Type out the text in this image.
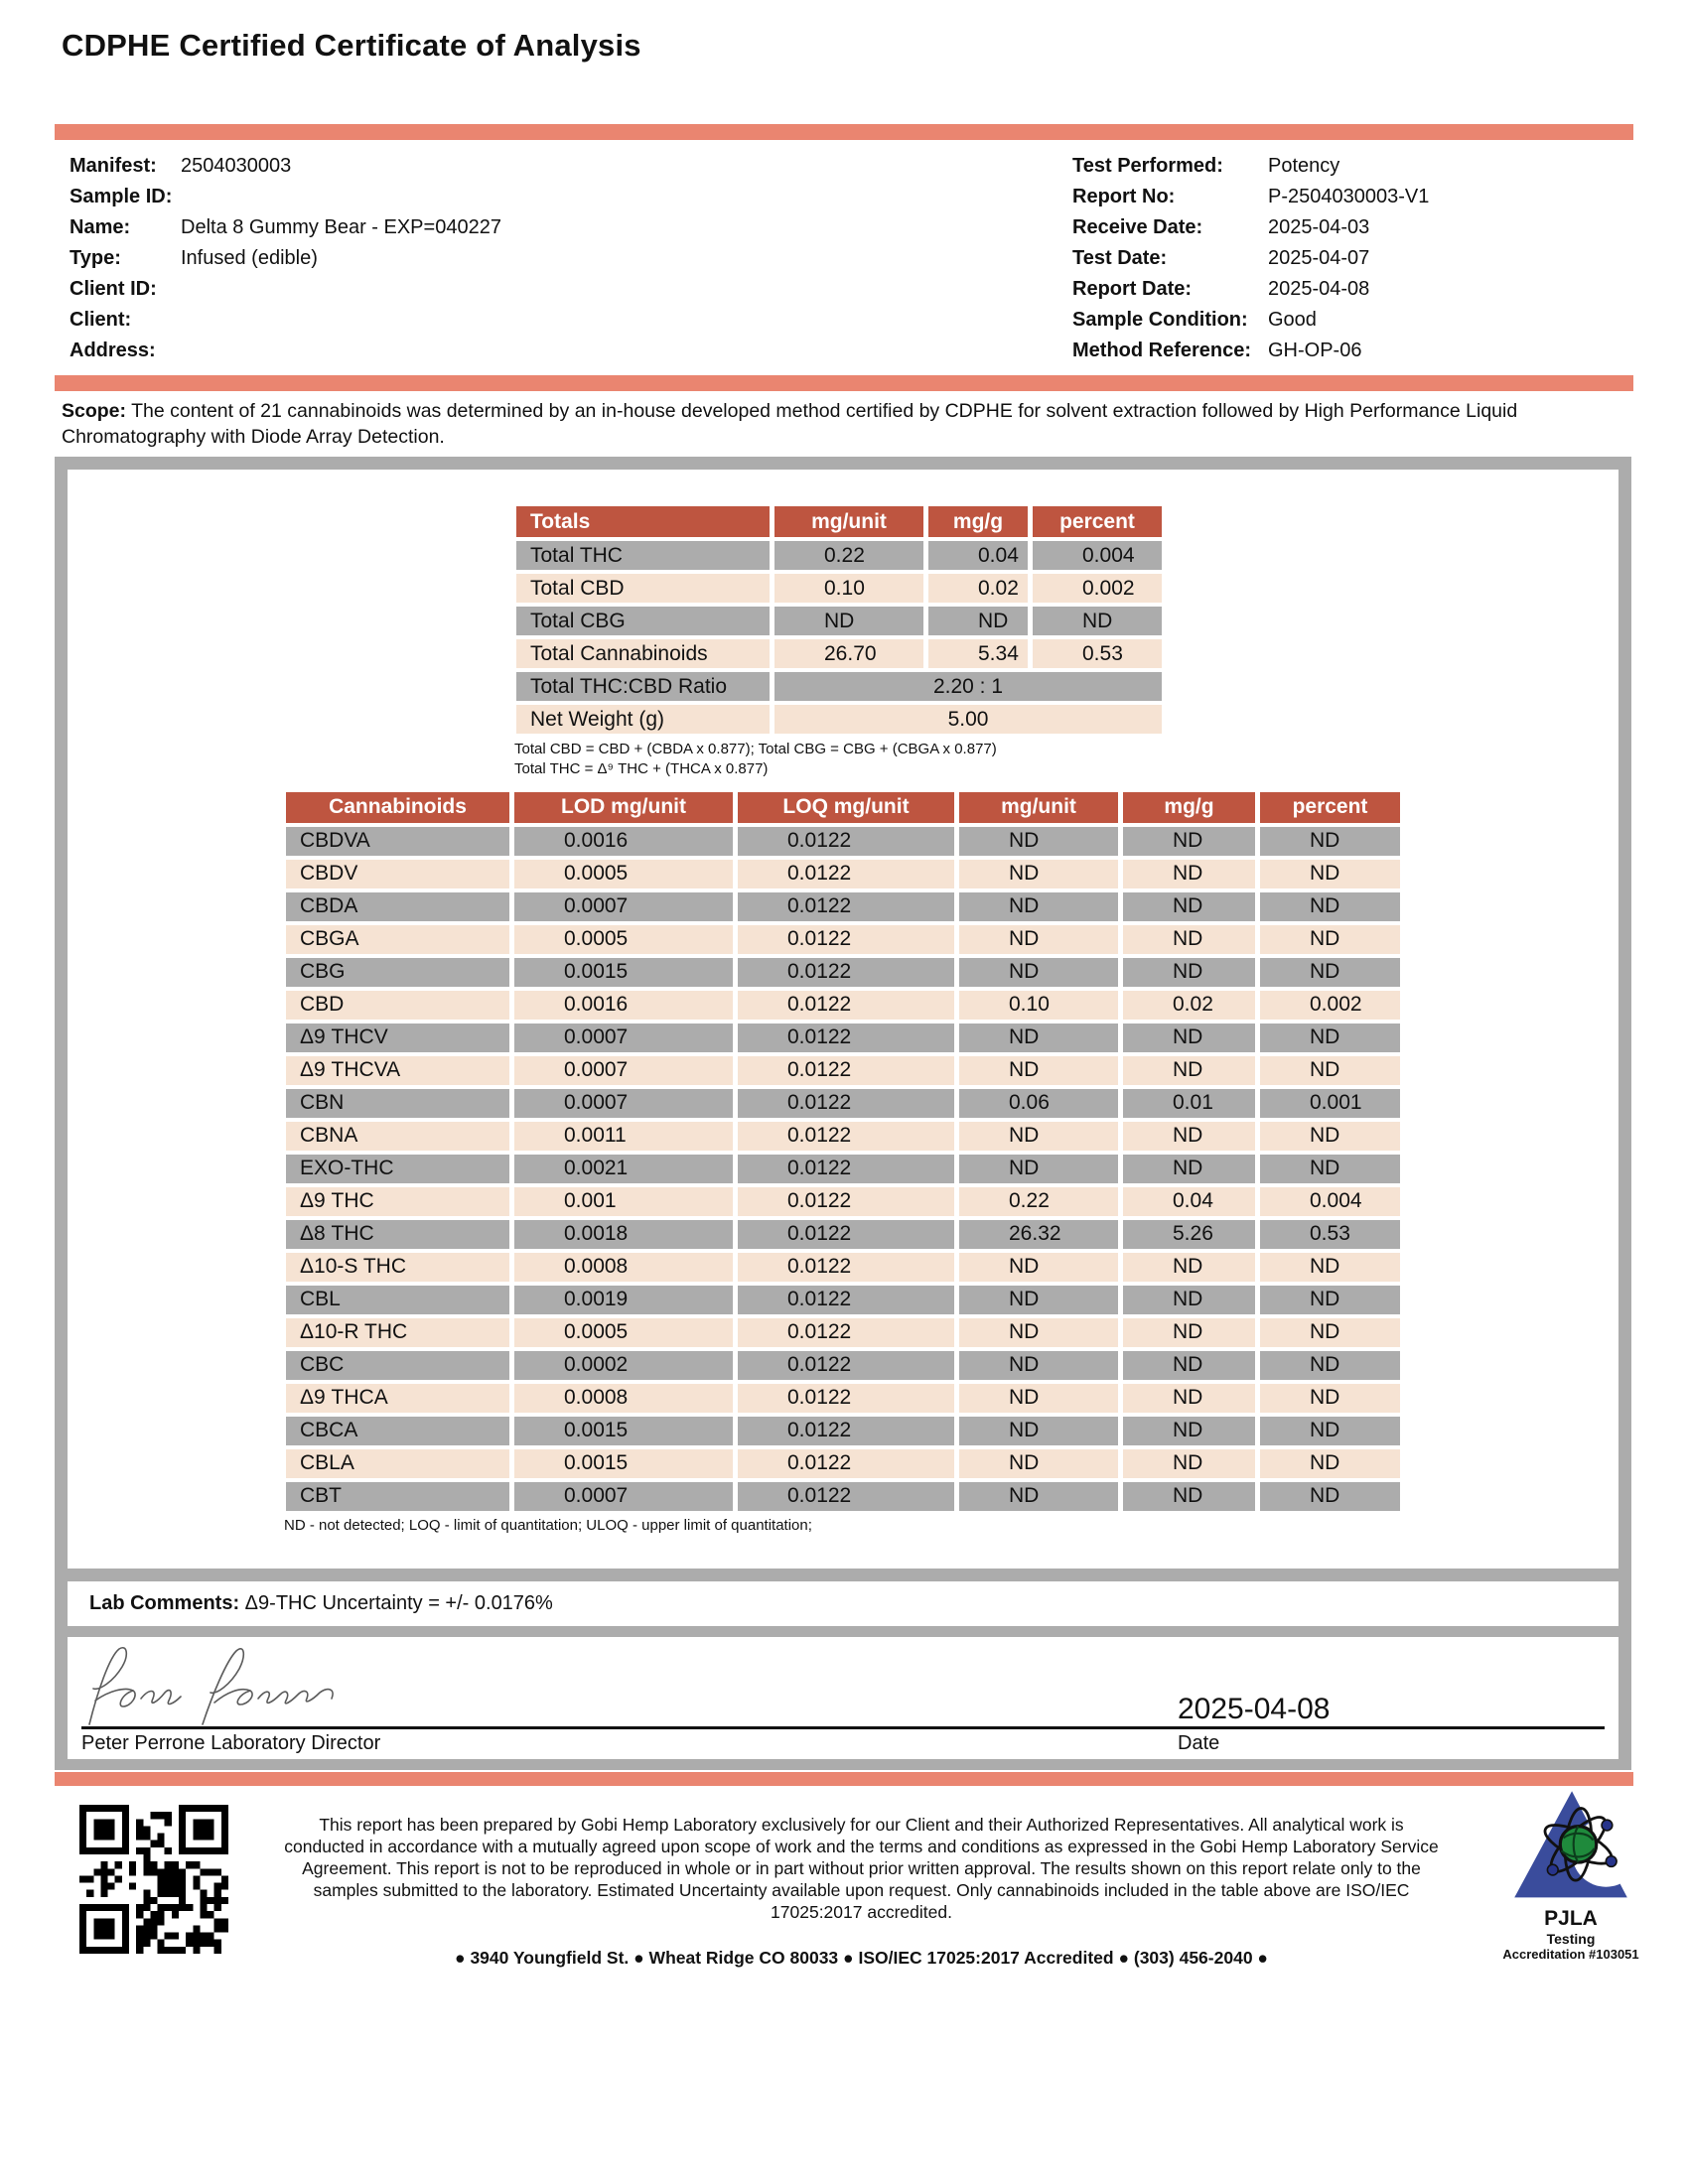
CDPHE Certified Certificate of Analysis
Manifest:	2504030003
Sample ID:
Name:	Delta 8 Gummy Bear - EXP=040227
Type:	Infused (edible)
Client ID:
Client:
Address:
Test Performed:	Potency
Report No:	P-2504030003-V1
Receive Date:	2025-04-03
Test Date:	2025-04-07
Report Date:	2025-04-08
Sample Condition:	Good
Method Reference: GH-OP-06
Scope: The content of 21 cannabinoids was determined by an in-house developed method certified by CDPHE for solvent extraction followed by High Performance Liquid Chromatography with Diode Array Detection.
Totals	mg/unit	mg/g	percent
Total THC	0.22	0.04	0.004
Total CBD	0.10	0.02	0.002
Total CBG	ND	ND	ND
Total Cannabinoids	26.70	5.34	0.53
Total THC:CBD Ratio	2.20 : 1		
Net Weight (g)	5.00		
Total CBD = CBD + (CBDA x 0.877); Total CBG = CBG + (CBGA x 0.877)
Total THC = Δ⁹ THC + (THCA x 0.877)
Cannabinoids	LOD mg/unit	LOQ mg/unit	mg/unit	mg/g	percent
CBDVA	0.0016	0.0122	ND	ND	ND
CBDV	0.0005	0.0122	ND	ND	ND
CBDA	0.0007	0.0122	ND	ND	ND
CBGA	0.0005	0.0122	ND	ND	ND
CBG	0.0015	0.0122	ND	ND	ND
CBD	0.0016	0.0122	0.10	0.02	0.002
Δ9 THCV	0.0007	0.0122	ND	ND	ND
Δ9 THCVA	0.0007	0.0122	ND	ND	ND
CBN	0.0007	0.0122	0.06	0.01	0.001
CBNA	0.0011	0.0122	ND	ND	ND
EXO-THC	0.0021	0.0122	ND	ND	ND
Δ9 THC	0.001	0.0122	0.22	0.04	0.004
Δ8 THC	0.0018	0.0122	26.32	5.26	0.53
Δ10-S THC	0.0008	0.0122	ND	ND	ND
CBL	0.0019	0.0122	ND	ND	ND
Δ10-R THC	0.0005	0.0122	ND	ND	ND
CBC	0.0002	0.0122	ND	ND	ND
Δ9 THCA	0.0008	0.0122	ND	ND	ND
CBCA	0.0015	0.0122	ND	ND	ND
CBLA	0.0015	0.0122	ND	ND	ND
CBT	0.0007	0.0122	ND	ND	ND
ND - not detected; LOQ - limit of quantitation; ULOQ - upper limit of quantitation;
Lab Comments: Δ9-THC Uncertainty = +/- 0.0176%
2025-04-08
Peter Perrone Laboratory Director	Date
This report has been prepared by Gobi Hemp Laboratory exclusively for our Client and their Authorized Representatives. All analytical work is conducted in accordance with a mutually agreed upon scope of work and the terms and conditions as expressed in the Gobi Hemp Laboratory Service Agreement. This report is not to be reproduced in whole or in part without prior written approval. The results shown on this report relate only to the samples submitted to the laboratory. Estimated Uncertainty available upon request. Only cannabinoids included in the table above are ISO/IEC 17025:2017 accredited.
● 3940 Youngfield St. ● Wheat Ridge CO 80033 ● ISO/IEC 17025:2017 Accredited ● (303) 456-2040 ●
PJLA
Testing
Accreditation #103051
